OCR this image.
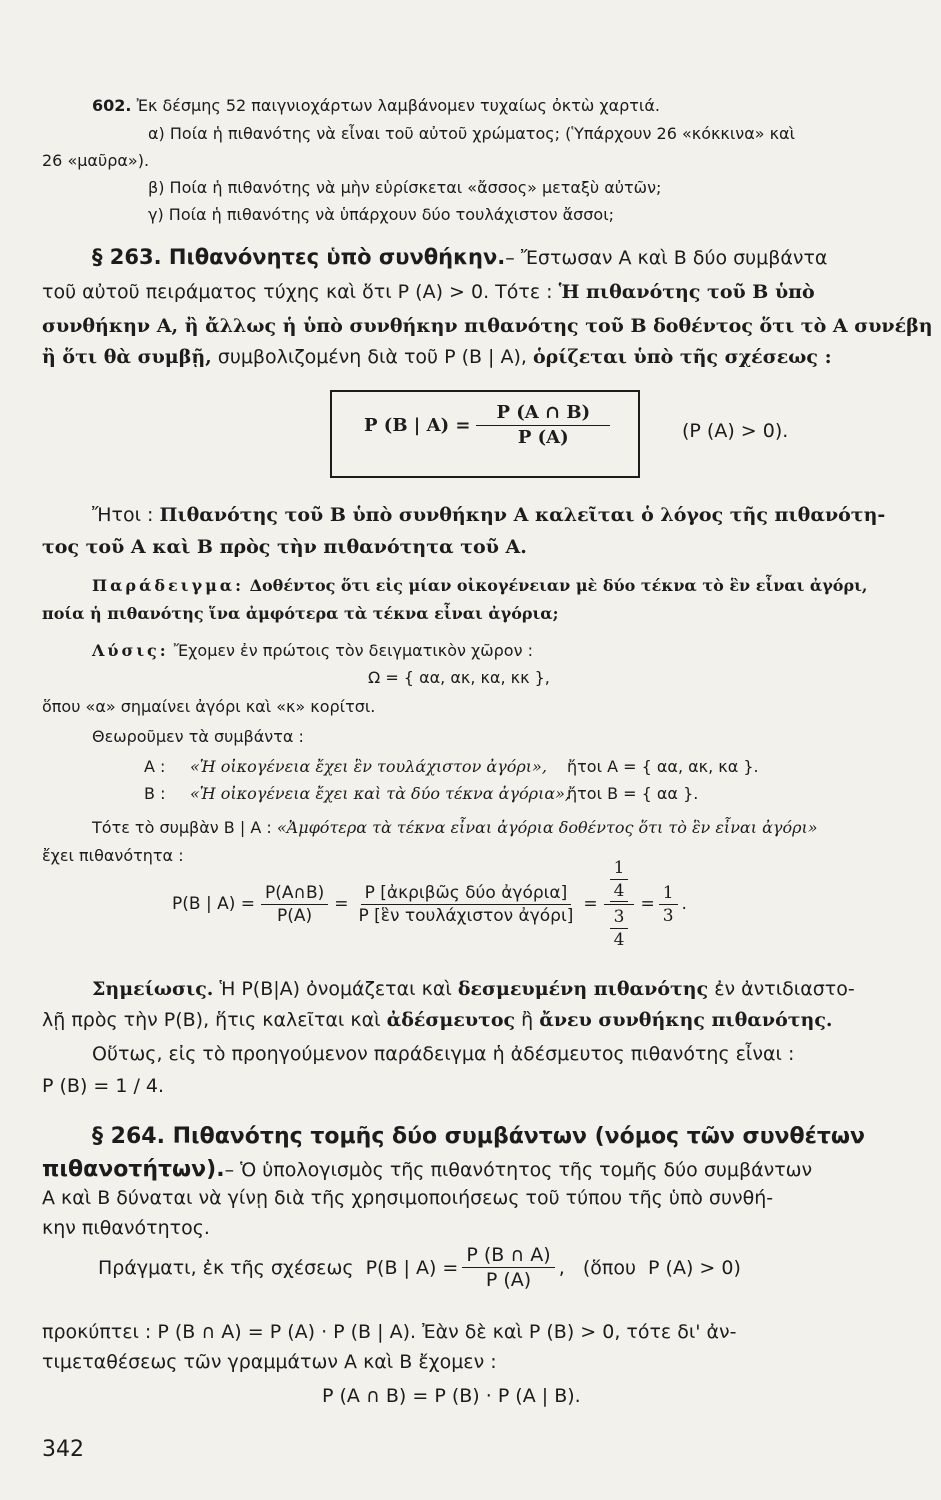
602. Ἐκ δέσμης 52 παιγνιοχάρτων λαμβάνομεν τυχαίως ὀκτὼ χαρτιά.
α) Ποία ἡ πιθανότης νὰ εἶναι τοῦ αὐτοῦ χρώματος; (Ὑπάρχουν 26 «κόκκινα» καὶ
26 «μαῦρα»).
β) Ποία ἡ πιθανότης νὰ μὴν εὑρίσκεται «ἄσσος» μεταξὺ αὐτῶν;
γ) Ποία ἡ πιθανότης νὰ ὑπάρχουν δύο τουλάχιστον ἄσσοι;
§ 263. Πιθανόνητες ὑπὸ συνθήκην.– Ἔστωσαν Α καὶ Β δύο συμβάντα
τοῦ αὐτοῦ πειράματος τύχης καὶ ὅτι P (A) > 0. Τότε : Ἡ πιθανότης τοῦ Β ὑπὸ
συνθήκην Α, ἢ ἄλλως ἡ ὑπὸ συνθήκην πιθανότης τοῦ Β δοθέντος ὅτι τὸ Α συνέβη
ἢ ὅτι θὰ συμβῇ, συμβολιζομένη διὰ τοῦ P (B | A), ὁρίζεται ὑπὸ τῆς σχέσεως :
P (B | $A) = \frac{P (A \cap B)}{P (A)}$	(P (A) > 0).
Ἤτοι : Πιθανότης τοῦ Β ὑπὸ συνθήκην Α καλεῖται ὁ λόγος τῆς πιθανότη-
τος τοῦ Α καὶ Β πρὸς τὴν πιθανότητα τοῦ Α.
Παράδειγμα: Δοθέντος ὅτι εἰς μίαν οἰκογένειαν μὲ δύο τέκνα τὸ ἓν εἶναι ἀγόρι,
ποία ἡ πιθανότης ἵνα ἀμφότερα τὰ τέκνα εἶναι ἀγόρια;
Λύσις: Ἔχομεν ἐν πρώτοις τὸν δειγματικὸν χῶρον :
Ω = { αα, ακ, κα, κκ },
ὅπου «α» σημαίνει ἀγόρι καὶ «κ» κορίτσι.
Θεωροῦμεν τὰ συμβάντα :
Α : «Ἡ οἰκογένεια ἔχει ἓν τουλάχιστον ἀγόρι», ἤτοι Α = { αα, ακ, κα }.
Β : «Ἡ οἰκογένεια ἔχει καὶ τὰ δύο τέκνα ἀγόρια»,
ἤτοι Β = { αα }.
Τότε τὸ συμβὰν B | A : «Ἀμφότερα τὰ τέκνα εἶναι ἀγόρια δοθέντος ὅτι τὸ ἓν εἶναι ἀγόρι»
ἔχει πιθανότητα :
P(B | $A) = \frac{P(A\cap B)}{P(A)} = \frac{\text{P [ἀκριβῶς δύο ἀγόρια]}}{\text{P [ἓν τουλάχιστον ἀγόρι]}} = \frac{\frac{1}{4}}{\frac{3}{4}} = \frac{1}{3}$ .
Σημείωσις. Ἡ P(B|A) ὀνομάζεται καὶ δεσμευμένη πιθανότης ἐν ἀντιδιαστο-
λῇ πρὸς τὴν P(B), ἥτις καλεῖται καὶ ἀδέσμευτος ἢ ἄνευ συνθήκης πιθανότης.
Οὕτως, εἰς τὸ προηγούμενον παράδειγμα ἡ ἀδέσμευτος πιθανότης εἶναι :
P (B) = 1 / 4.
§ 264. Πιθανότης τομῆς δύο συμβάντων (νόμος τῶν συνθέτων
πιθανοτήτων).– Ὁ ὑπολογισμὸς τῆς πιθανότητος τῆς τομῆς δύο συμβάντων
Α καὶ Β δύναται νὰ γίνῃ διὰ τῆς χρησιμοποιήσεως τοῦ τύπου τῆς ὑπὸ συνθή-
κην πιθανότητος.
Πράγματι, ἐκ τῆς σχέσεως  P(B | $A) = \frac{P (B \cap A)}{P (A)}$ ,   (ὅπου  P (A) > 0)
προκύπτει : P (B ∩ A) = P (A) · P (B | A). Ἐὰν δὲ καὶ P (B) > 0, τότε δι' ἀν-
τιμεταθέσεως τῶν γραμμάτων Α καὶ Β ἔχομεν :
P (A ∩ B) = P (B) · P (A | B).
342
